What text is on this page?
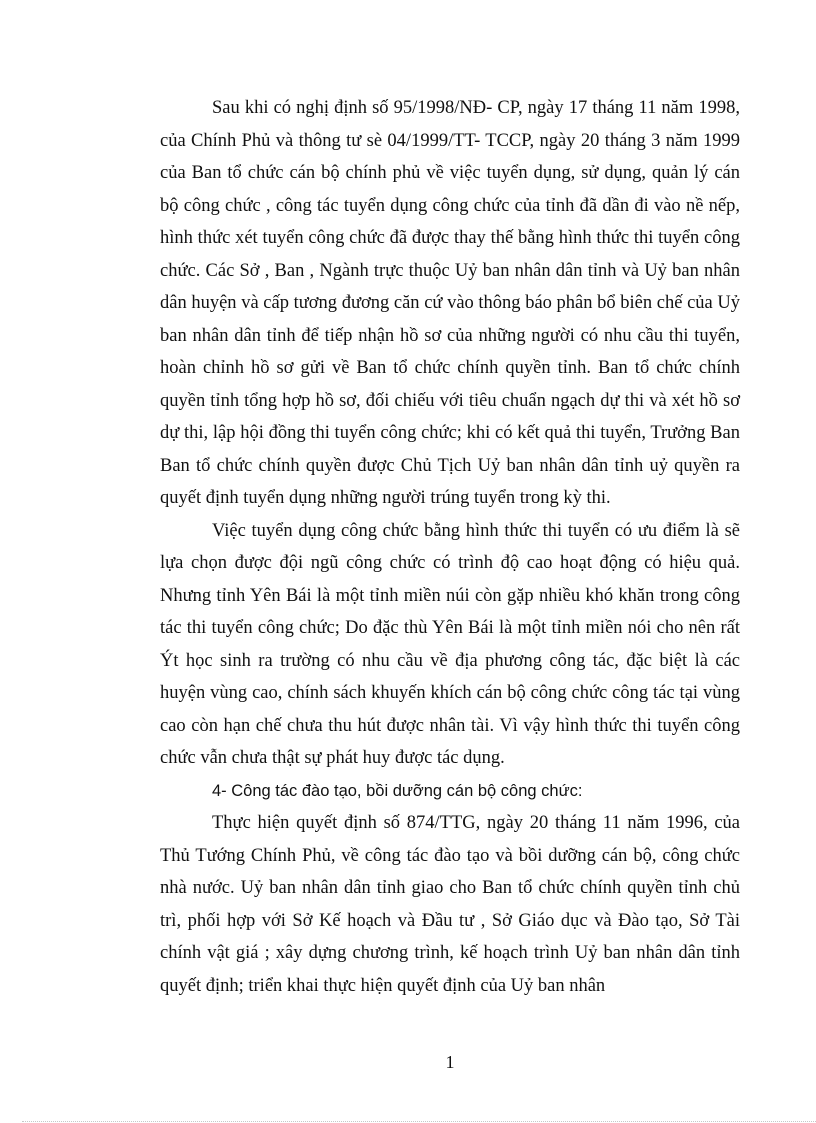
Sau khi có nghị định số 95/1998/NĐ- CP, ngày 17 tháng 11 năm 1998, của Chính Phủ và thông tư sè 04/1999/TT- TCCP, ngày 20 tháng 3 năm 1999 của Ban tổ chức cán bộ chính phủ về việc tuyển dụng, sử dụng, quản lý cán bộ công chức , công tác tuyển dụng công chức của tỉnh đã dần đi vào nề nếp, hình thức xét tuyển công chức đã được thay thế bằng hình thức thi tuyển công chức. Các Sở , Ban , Ngành trực thuộc Uỷ ban nhân dân tỉnh và Uỷ ban nhân dân huyện và cấp tương đương căn cứ vào thông báo phân bổ biên chế của Uỷ ban nhân dân tỉnh để tiếp nhận hồ sơ của những người có nhu cầu thi tuyển, hoàn chỉnh hồ sơ gửi về Ban tổ chức chính quyền tỉnh. Ban tổ chức chính quyền tỉnh tổng hợp hồ sơ, đối chiếu với tiêu chuẩn ngạch dự thi và xét hồ sơ dự thi, lập hội đồng thi tuyển công chức; khi có kết quả thi tuyển, Trưởng Ban Ban tổ chức chính quyền được Chủ Tịch Uỷ ban nhân dân tỉnh uỷ quyền ra quyết định tuyển dụng những người trúng tuyển trong kỳ thi.

Việc tuyển dụng công chức bằng hình thức thi tuyển có ưu điểm là sẽ lựa chọn được đội ngũ công chức có trình độ cao hoạt động có hiệu quả. Nhưng tỉnh Yên Bái là một tỉnh miền núi còn gặp nhiều khó khăn trong công tác thi tuyển công chức; Do đặc thù Yên Bái là một tỉnh miền nói cho nên rất Ýt học sinh ra trường có nhu cầu về địa phương công tác, đặc biệt là các huyện vùng cao, chính sách khuyến khích cán bộ công chức công tác tại vùng cao còn hạn chế chưa thu hút được nhân tài. Vì vậy hình thức thi tuyển công chức vẫn chưa thật sự phát huy được tác dụng.

4- Công tác đào tạo, bồi dưỡng cán bộ công chức:

Thực hiện quyết định số 874/TTG, ngày 20 tháng 11 năm 1996, của Thủ Tướng Chính Phủ, về công tác đào tạo và bồi dưỡng cán bộ, công chức nhà nước. Uỷ ban nhân dân tỉnh giao cho Ban tổ chức chính quyền tỉnh chủ trì, phối hợp với Sở Kế hoạch và Đầu tư , Sở Giáo dục và Đào tạo, Sở Tài chính vật giá ; xây dựng chương trình, kế hoạch trình Uỷ ban nhân dân tỉnh quyết định; triển khai thực hiện quyết định của Uỷ ban nhân

1
